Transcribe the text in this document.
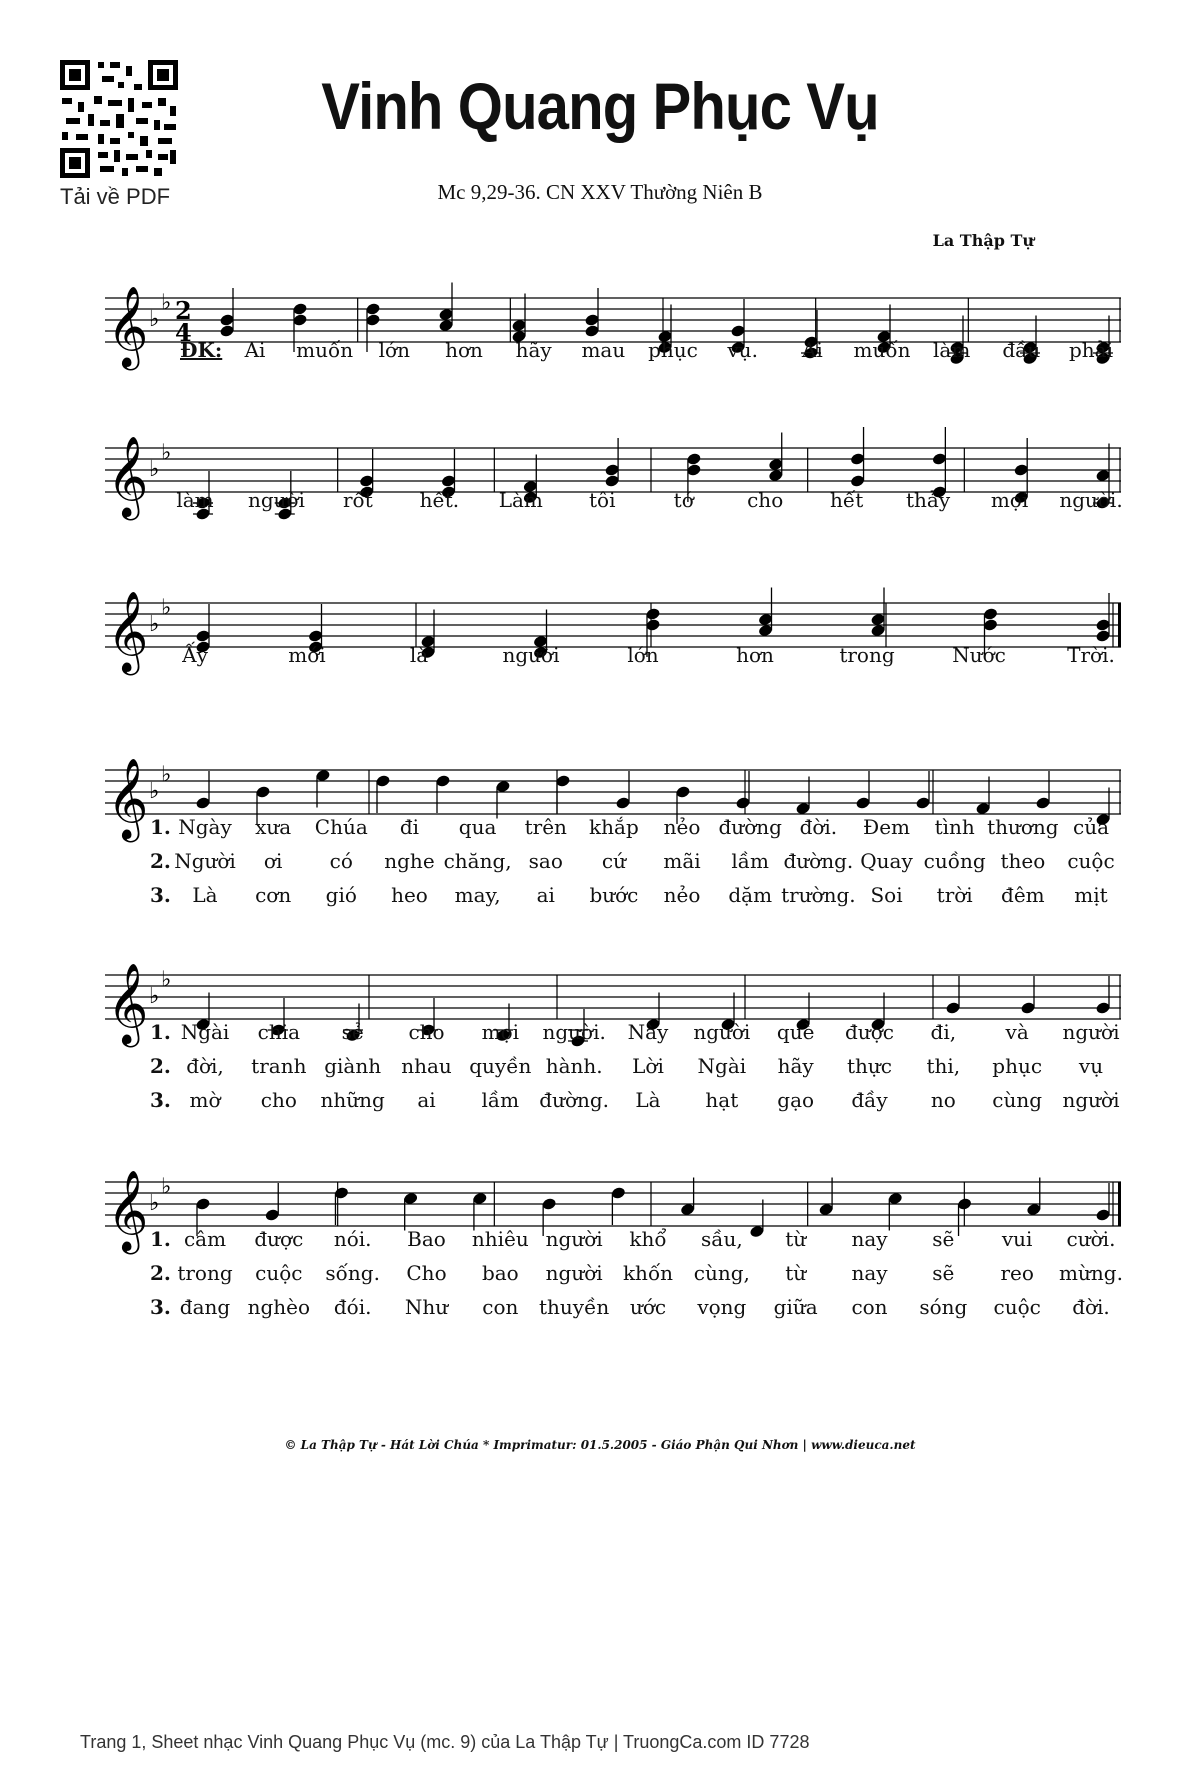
Tải về PDF
Vinh Quang Phục Vụ
Mc 9,29-36. CN XXV Thường Niên B
La Thập Tự
𝄞 ♭
♭ 2
4
ĐK: Ai muốn lớn hơn hãy mau phục vụ. Ai muốn làm đầu phải
𝄞 ♭
♭
làm người rốt hết. Làm tôi	tớ	cho hết thảy mọi người.
𝄞 ♭
♭
Ấy	mới	là	người	lớn	hơn	trong	Nước	Trời.
𝄞 ♭
♭
1. Ngày xưa Chúa đi qua trên khắp nẻo đường đời. Đem tình thương của
2. Người ơi có nghe chăng, sao cứ mãi lầm đường. Quay cuồng theo cuộc
3. Là cơn gió heo may, ai bước nẻo dặm trường. Soi trời đêm mịt
𝄞 ♭
♭
1. Ngài chia sẻ cho mọi người. Này người què được đi, và người
2. đời, tranh giành nhau quyền hành. Lời Ngài hãy thực thi, phục vụ
3. mờ cho những ai lầm đường. Là hạt gạo đầy no cùng người
𝄞 ♭
♭
1. câm được nói. Bao nhiêu người khổ sầu, từ nay sẽ vui cười.
2. trong cuộc sống. Cho bao người khốn cùng, từ nay sẽ reo mừng.
3. đang nghèo đói. Như con thuyền ước vọng giữa con sóng cuộc đời.
© La Thập Tự - Hát Lời Chúa * Imprimatur: 01.5.2005 - Giáo Phận Qui Nhơn | www.dieuca.net
Trang 1, Sheet nhạc Vinh Quang Phục Vụ (mc. 9) của La Thập Tự | TruongCa.com ID 7728
